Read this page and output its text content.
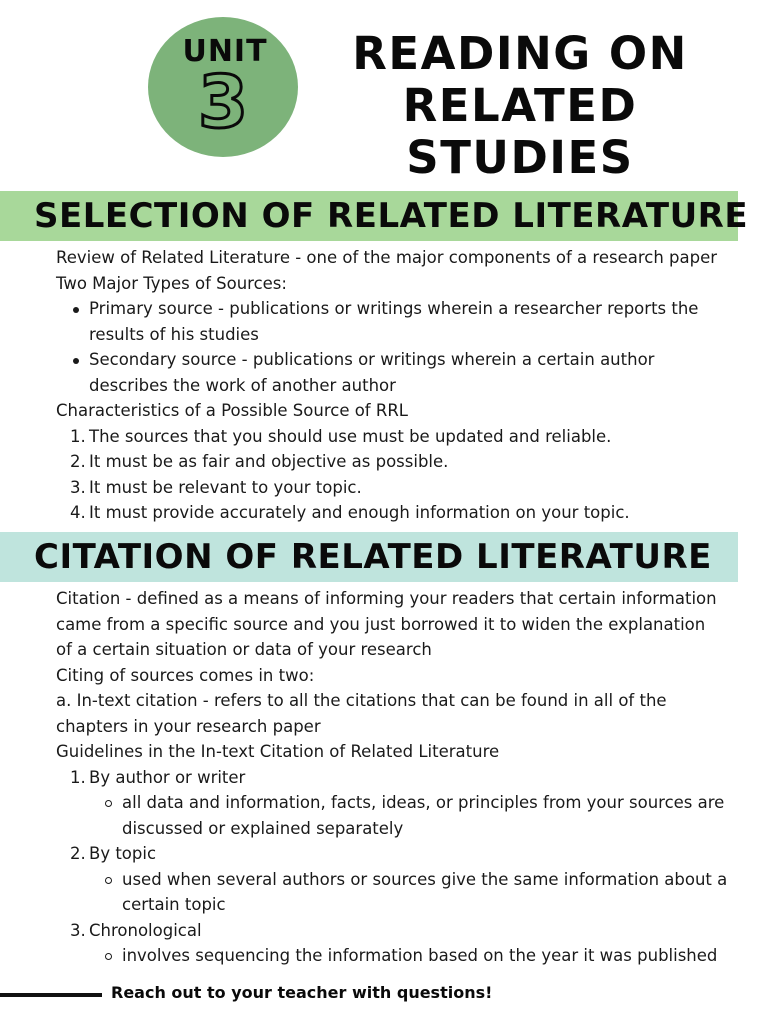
UNIT
3
READING ON
RELATED STUDIES
SELECTION OF RELATED LITERATURE
Review of Related Literature - one of the major components of a research paper
Two Major Types of Sources:
Primary source - publications or writings wherein a researcher reports the
results of his studies
Secondary source - publications or writings wherein a certain author
describes the work of another author
Characteristics of a Possible Source of RRL
1. The sources that you should use must be updated and reliable.
2. It must be as fair and objective as possible.
3. It must be relevant to your topic.
4. It must provide accurately and enough information on your topic.
CITATION OF RELATED LITERATURE
Citation - defined as a means of informing your readers that certain information
came from a specific source and you just borrowed it to widen the explanation
of a certain situation or data of your research
Citing of sources comes in two:
a. In-text citation - refers to all the citations that can be found in all of the
chapters in your research paper
Guidelines in the In-text Citation of Related Literature
1. By author or writer
all data and information, facts, ideas, or principles from your sources are
discussed or explained separately
2. By topic
used when several authors or sources give the same information about a
certain topic
3. Chronological
involves sequencing the information based on the year it was published
Reach out to your teacher with questions!
